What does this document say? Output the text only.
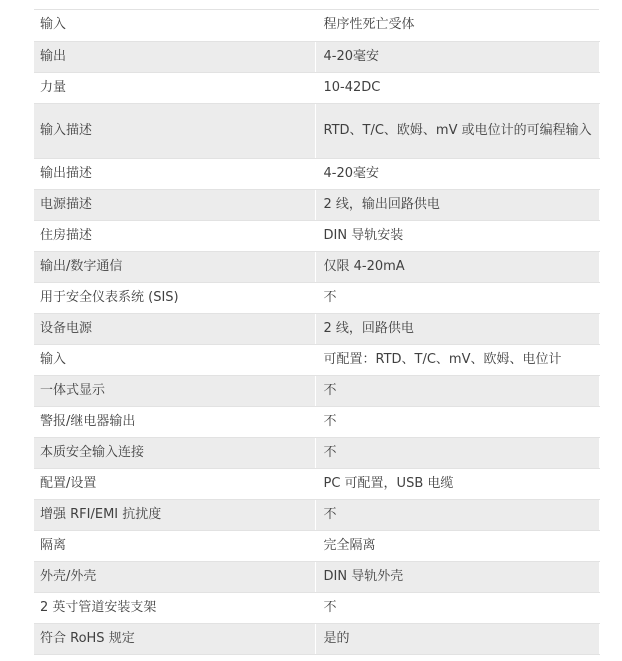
输入	程序性死亡受体
输出	4-20毫安
力量	10-42DC
输入描述	RTD、T/C、欧姆、mV 或电位计的可编程输入
输出描述	4-20毫安
电源描述	2 线，输出回路供电
住房描述	DIN 导轨安装
输出/数字通信	仅限 4-20mA
用于安全仪表系统 (SIS)	不
设备电源	2 线，回路供电
输入	可配置：RTD、T/C、mV、欧姆、电位计
一体式显示	不
警报/继电器输出	不
本质安全输入连接	不
配置/设置	PC 可配置，USB 电缆
增强 RFI/EMI 抗扰度	不
隔离	完全隔离
外壳/外壳	DIN 导轨外壳
2 英寸管道安装支架	不
符合 RoHS 规定	是的
